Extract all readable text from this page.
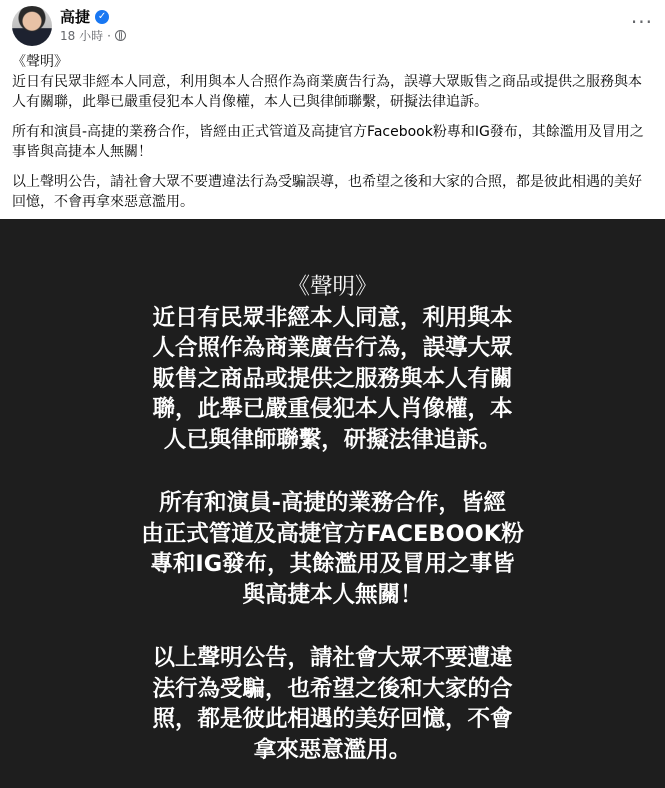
高捷 ✓
18 小時 ·
···

《聲明》

近日有民眾非經本人同意，利用與本人合照作為商業廣告行為，誤導大眾販售之商品或提供之服務與本人有關聯，此舉已嚴重侵犯本人肖像權，本人已與律師聯繫，研擬法律追訴。

所有和演員-高捷的業務合作，皆經由正式管道及高捷官方Facebook粉專和IG發布，其餘濫用及冒用之事皆與高捷本人無關！

以上聲明公告，請社會大眾不要遭違法行為受騙誤導，也希望之後和大家的合照，都是彼此相遇的美好回憶，不會再拿來惡意濫用。

《聲明》
近日有民眾非經本人同意，利用與本
人合照作為商業廣告行為，誤導大眾
販售之商品或提供之服務與本人有關
聯，此舉已嚴重侵犯本人肖像權，本
人已與律師聯繫，研擬法律追訴。
所有和演員-高捷的業務合作，皆經
由正式管道及高捷官方FACEBOOK粉
專和IG發布，其餘濫用及冒用之事皆
與高捷本人無關！
以上聲明公告，請社會大眾不要遭違
法行為受騙，也希望之後和大家的合
照，都是彼此相遇的美好回憶，不會
拿來惡意濫用。
